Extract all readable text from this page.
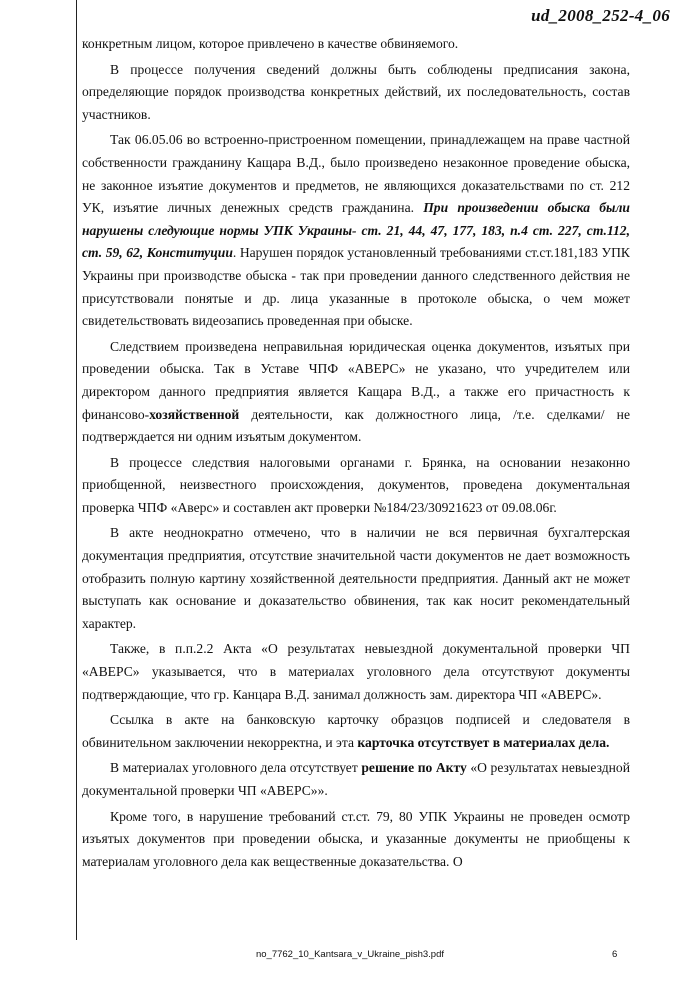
ud_2008_252-4_06

конкретным лицом, которое привлечено в качестве обвиняемого.

В процессе получения сведений должны быть соблюдены предписания закона, определяющие порядок производства конкретных действий, их последовательность, состав участников.

Так 06.05.06 во встроенно-пристроенном помещении, принадлежащем на праве частной собственности гражданину Кащара В.Д., было произведено незаконное проведение обыска, не законное изъятие документов и предметов, не являющихся доказательствами по ст. 212 УК, изъятие личных денежных средств гражданина. При произведении обыска были нарушены следующие нормы УПК Украины- ст. 21, 44, 47, 177, 183, п.4 ст. 227, ст.112, ст. 59, 62, Конституции. Нарушен порядок установленный требованиями ст.ст.181,183 УПК Украины при производстве обыска - так при проведении данного следственного действия не присутствовали понятые и др. лица указанные в протоколе обыска, о чем может свидетельствовать видеозапись проведенная при обыске.

Следствием произведена неправильная юридическая оценка документов, изъятых при проведении обыска. Так в Уставе ЧПФ «АВЕРС» не указано, что учредителем или директором данного предприятия является Кащара В.Д., а также его причастность к финансово-хозяйственной деятельности, как должностного лица, /т.е. сделками/ не подтверждается ни одним изъятым документом.

В процессе следствия налоговыми органами г. Брянка, на основании незаконно приобщенной, неизвестного происхождения, документов, проведена документальная проверка ЧПФ «Аверс» и составлен акт проверки №184/23/30921623 от 09.08.06г.

В акте неоднократно отмечено, что в наличии не вся первичная бухгалтерская документация предприятия, отсутствие значительной части документов не дает возможность отобразить полную картину хозяйственной деятельности предприятия. Данный акт не может выступать как основание и доказательство обвинения, так как носит рекомендательный характер.

Также, в п.п.2.2 Акта «О результатах невыездной документальной проверки ЧП «АВЕРС» указывается, что в материалах уголовного дела отсутствуют документы подтверждающие, что гр. Канцара В.Д. занимал должность зам. директора ЧП «АВЕРС».

Ссылка в акте на банковскую карточку образцов подписей и следователя в обвинительном заключении некорректна, и эта карточка отсутствует в материалах дела.

В материалах уголовного дела отсутствует решение по Акту «О результатах невыездной документальной проверки ЧП «АВЕРС»».

Кроме того, в нарушение требований ст.ст. 79, 80 УПК Украины не проведен осмотр изъятых документов при проведении обыска, и указанные документы не приобщены к материалам уголовного дела как вещественные доказательства. О

no_7762_10_Kantsara_v_Ukraine_pish3.pdf	6
